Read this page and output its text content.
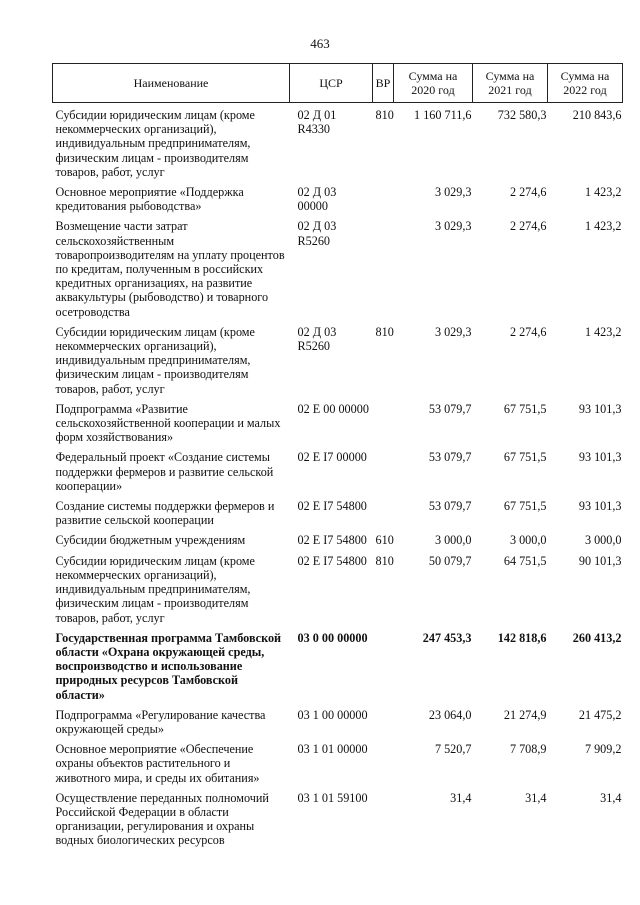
463
Наименование	ЦСР	ВР	Сумма на 2020 год	Сумма на 2021 год	Сумма на 2022 год
Субсидии юридическим лицам (кроме некоммерческих организаций), индивидуальным предпринимателям, физическим лицам - производителям товаров, работ, услуг	02 Д 01 R4330	810	1 160 711,6	732 580,3	210 843,6
Основное мероприятие «Поддержка кредитования рыбоводства»	02 Д 03 00000		3 029,3	2 274,6	1 423,2
Возмещение части затрат сельскохозяйственным товаропроизводителям на уплату процентов по кредитам, полученным в российских кредитных организациях, на развитие аквакультуры (рыбоводство) и товарного осетроводства	02 Д 03 R5260		3 029,3	2 274,6	1 423,2
Субсидии юридическим лицам (кроме некоммерческих организаций), индивидуальным предпринимателям, физическим лицам - производителям товаров, работ, услуг	02 Д 03 R5260	810	3 029,3	2 274,6	1 423,2
Подпрограмма «Развитие сельскохозяйственной кооперации и малых форм хозяйствования»	02 Е 00 00000		53 079,7	67 751,5	93 101,3
Федеральный проект «Создание системы поддержки фермеров и развитие сельской кооперации»	02 Е I7 00000		53 079,7	67 751,5	93 101,3
Создание системы поддержки фермеров и развитие сельской кооперации	02 Е I7 54800		53 079,7	67 751,5	93 101,3
Субсидии бюджетным учреждениям	02 Е I7 54800	610	3 000,0	3 000,0	3 000,0
Субсидии юридическим лицам (кроме некоммерческих организаций), индивидуальным предпринимателям, физическим лицам - производителям товаров, работ, услуг	02 Е I7 54800	810	50 079,7	64 751,5	90 101,3
Государственная программа Тамбовской области «Охрана окружающей среды, воспроизводство и использование природных ресурсов Тамбовской области»	03 0 00 00000		247 453,3	142 818,6	260 413,2
Подпрограмма «Регулирование качества окружающей среды»	03 1 00 00000		23 064,0	21 274,9	21 475,2
Основное мероприятие «Обеспечение охраны объектов растительного и животного мира, и среды их обитания»	03 1 01 00000		7 520,7	7 708,9	7 909,2
Осуществление переданных полномочий Российской Федерации в области организации, регулирования и охраны водных биологических ресурсов	03 1 01 59100		31,4	31,4	31,4
